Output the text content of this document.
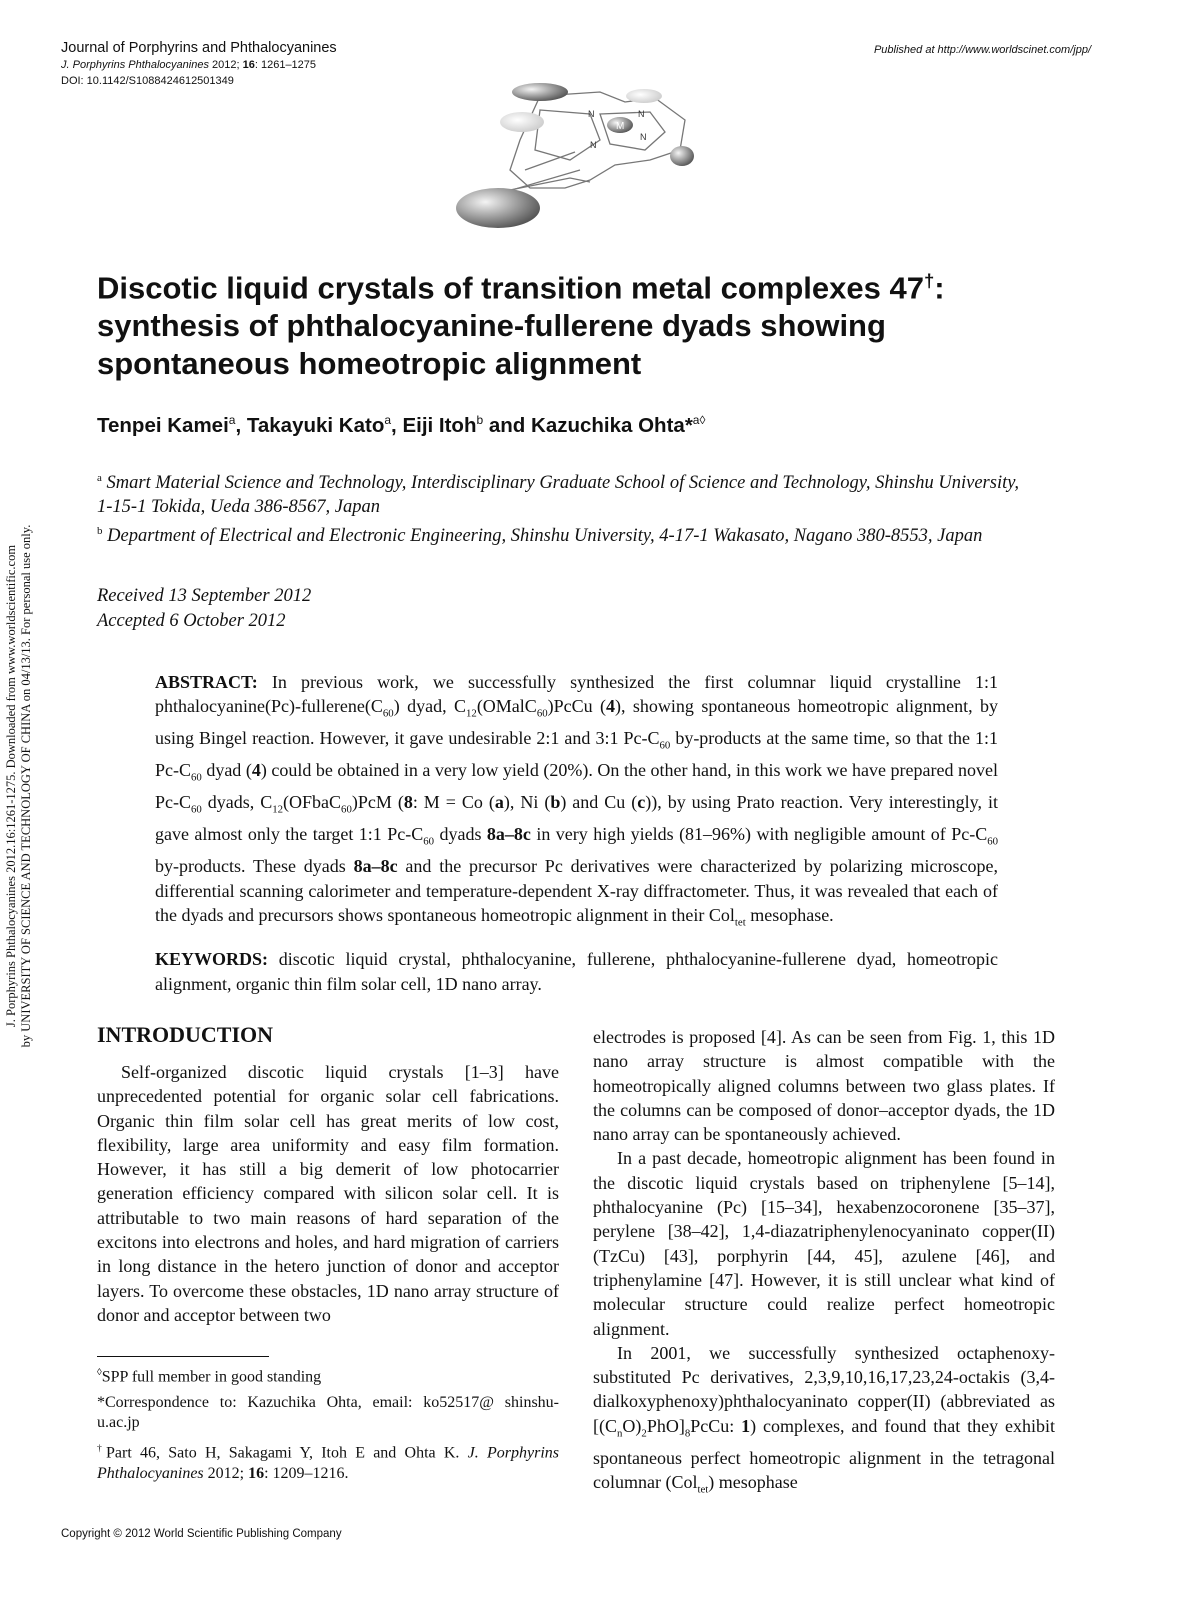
Journal of Porphyrins and Phthalocyanines
J. Porphyrins Phthalocyanines 2012; 16: 1261–1275
DOI: 10.1142/S1088424612501349
Published at http://www.worldscinet.com/jpp/
M
N	N
N
N
J. Porphyrins Phthalocyanines 2012.16:1261-1275. Downloaded from www.worldscientific.com by UNIVERSITY OF SCIENCE AND TECHNOLOGY OF CHINA on 04/13/13. For personal use only.
Discotic liquid crystals of transition metal complexes 47†:
synthesis of phthalocyanine-fullerene dyads showing
spontaneous homeotropic alignment
Tenpei Kamei$^a$, Takayuki Kato$^a$, Eiji Itoh$^b$ and Kazuchika Ohta*$^{a◊}$

$^a$ Smart Material Science and Technology, Interdisciplinary Graduate School of Science and Technology, Shinshu University, 1-15-1 Tokida, Ueda 386-8567, Japan

$^b$ Department of Electrical and Electronic Engineering, Shinshu University, 4-17-1 Wakasato, Nagano 380-8553, Japan

Received 13 September 2012
Accepted 6 October 2012

ABSTRACT: In previous work, we successfully synthesized the first columnar liquid crystalline 1:1 $phthalocyanine(Pc)-fullerene(C_{60})$ dyad, $C_{12}(OMalC_{60})PcCu$ (4), showing spontaneous homeotropic alignment, by using Bingel reaction. However, it gave undesirable 2:1 and 3:1 $Pc-C_{60}$ by-products at the same time, so that the 1:1 $Pc-C_{60}$ dyad (4) could be obtained in a very low yield (20%). On the other hand, in this work we have prepared novel $Pc-C_{60}$ dyads, $C_{12}(OFbaC_{60})PcM$ (8: M = Co (a), Ni (b) and Cu (c)), by using Prato reaction. Very interestingly, it gave almost only the target 1:1 $Pc-C_{60}$ dyads 8a–8c in very high yields (81–96%) with negligible amount of $Pc-C_{60}$ by-products. These dyads 8a–8c and the precursor Pc derivatives were characterized by polarizing microscope, differential scanning calorimeter and temperature-dependent X-ray diffractometer. Thus, it was revealed that each of the dyads and precursors shows spontaneous homeotropic alignment in their Col$_{tet}$ mesophase.

KEYWORDS: discotic liquid crystal, phthalocyanine, fullerene, phthalocyanine-fullerene dyad, homeotropic alignment, organic thin film solar cell, 1D nano array.

INTRODUCTION

Self-organized discotic liquid crystals [1–3] have unprecedented potential for organic solar cell fabrications. Organic thin film solar cell has great merits of low cost, flexibility, large area uniformity and easy film formation. However, it has still a big demerit of low photocarrier generation efficiency compared with silicon solar cell. It is attributable to two main reasons of hard separation of the excitons into electrons and holes, and hard migration of carriers in long distance in the hetero junction of donor and acceptor layers. To overcome these obstacles, 1D nano array structure of donor and acceptor between two

electrodes is proposed [4]. As can be seen from Fig. 1, this 1D nano array structure is almost compatible with the homeotropically aligned columns between two glass plates. If the columns can be composed of donor–acceptor dyads, the 1D nano array can be spontaneously achieved.

In a past decade, homeotropic alignment has been found in the discotic liquid crystals based on triphenylene [5–14], phthalocyanine (Pc) [15–34], hexabenzocoronene [35–37], perylene [38–42], 1,4-diazatriphenylenocyaninato copper(II) (TzCu) [43], porphyrin [44, 45], azulene [46], and triphenylamine [47]. However, it is still unclear what kind of molecular structure could realize perfect homeotropic alignment.

In 2001, we successfully synthesized octaphenoxy-substituted Pc derivatives, 2,3,9,10,16,17,23,24-octakis (3,4-dialkoxyphenoxy)phthalocyaninato copper(II) (abbreviated as $[(C_nO)_2PhO]_8PcCu$: 1) complexes, and found that they exhibit spontaneous perfect homeotropic alignment in the tetragonal columnar (Col$_{tet}$) mesophase

◊SPP full member in good standing

*Correspondence to: Kazuchika Ohta, email: ko52517@ shinshu-u.ac.jp

†Part 46, Sato H, Sakagami Y, Itoh E and Ohta K. J. Porphyrins Phthalocyanines 2012; 16: 1209–1216.

Copyright © 2012 World Scientific Publishing Company
